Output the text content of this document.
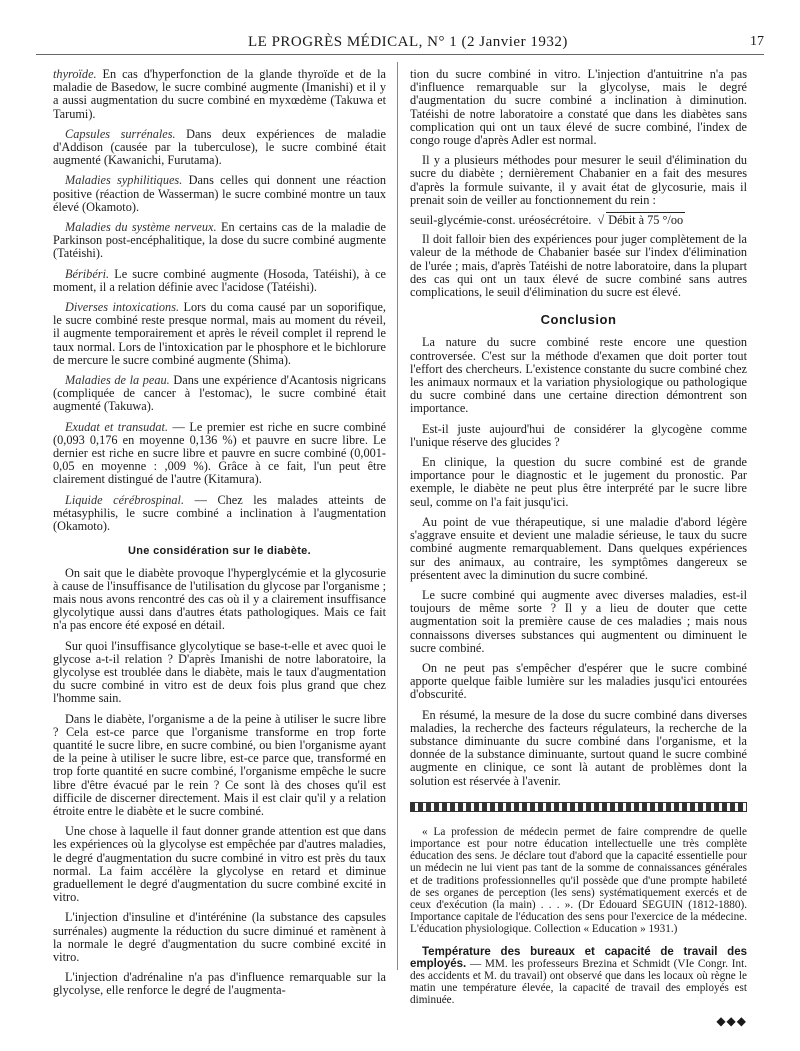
LE PROGRÈS MÉDICAL, N° 1 (2 Janvier 1932)	17

thyroïde. En cas d'hyperfonction de la glande thyroïde et de la maladie de Basedow, le sucre combiné augmente (Imanishi) et il y a aussi augmentation du sucre combiné en myxœdème (Takuwa et Tarumi).

Capsules surrénales. Dans deux expériences de maladie d'Addison (causée par la tuberculose), le sucre combiné était augmenté (Kawanichi, Furutama).

Maladies syphilitiques. Dans celles qui donnent une réaction positive (réaction de Wasserman) le sucre combiné montre un taux élevé (Okamoto).

Maladies du système nerveux. En certains cas de la maladie de Parkinson post-encéphalitique, la dose du sucre combiné augmente (Tatéishi).

Béribéri. Le sucre combiné augmente (Hosoda, Tatéishi), à ce moment, il a relation définie avec l'acidose (Tatéishi).

Diverses intoxications. Lors du coma causé par un soporifique, le sucre combiné reste presque normal, mais au moment du réveil, il augmente temporairement et après le réveil complet il reprend le taux normal. Lors de l'intoxication par le phosphore et le bichlorure de mercure le sucre combiné augmente (Shima).

Maladies de la peau. Dans une expérience d'Acantosis nigricans (compliquée de cancer à l'estomac), le sucre combiné était augmenté (Takuwa).

Exudat et transudat. — Le premier est riche en sucre combiné (0,093 0,176 en moyenne 0,136 %) et pauvre en sucre libre. Le dernier est riche en sucre libre et pauvre en sucre combiné (0,001-0,05 en moyenne : ,009 %). Grâce à ce fait, l'un peut être clairement distingué de l'autre (Kitamura).

Liquide cérébrospinal. — Chez les malades atteints de métasyphilis, le sucre combiné a inclination à l'augmentation (Okamoto).

Une considération sur le diabète.

On sait que le diabète provoque l'hyperglycémie et la glycosurie à cause de l'insuffisance de l'utilisation du glycose par l'organisme ; mais nous avons rencontré des cas où il y a clairement insuffisance glycolytique aussi dans d'autres états pathologiques. Mais ce fait n'a pas encore été exposé en détail.

Sur quoi l'insuffisance glycolytique se base-t-elle et avec quoi le glycose a-t-il relation ? D'après Imanishi de notre laboratoire, la glycolyse est troublée dans le diabète, mais le taux d'augmentation du sucre combiné in vitro est de deux fois plus grand que chez l'homme sain.

Dans le diabète, l'organisme a de la peine à utiliser le sucre libre ? Cela est-ce parce que l'organisme transforme en trop forte quantité le sucre libre, en sucre combiné, ou bien l'organisme ayant de la peine à utiliser le sucre libre, est-ce parce que, transformé en trop forte quantité en sucre combiné, l'organisme empêche le sucre libre d'être évacué par le rein ? Ce sont là des choses qu'il est difficile de discerner directement. Mais il est clair qu'il y a relation étroite entre le diabète et le sucre combiné.

Une chose à laquelle il faut donner grande attention est que dans les expériences où la glycolyse est empêchée par d'autres maladies, le degré d'augmentation du sucre combiné in vitro est près du taux normal. La faim accélère la glycolyse en retard et diminue graduellement le degré d'augmentation du sucre combiné excité in vitro.

L'injection d'insuline et d'intérénine (la substance des capsules surrénales) augmente la réduction du sucre diminué et ramènent à la normale le degré d'augmentation du sucre combiné excité in vitro.

L'injection d'adrénaline n'a pas d'influence remarquable sur la glycolyse, elle renforce le degré de l'augmenta-

tion du sucre combiné in vitro. L'injection d'antuitrine n'a pas d'influence remarquable sur la glycolyse, mais le degré d'augmentation du sucre combiné a inclination à diminution. Tatéishi de notre laboratoire a constaté que dans les diabètes sans complication qui ont un taux élevé de sucre combiné, l'index de congo rouge d'après Adler est normal.

Il y a plusieurs méthodes pour mesurer le seuil d'élimination du sucre du diabète ; dernièrement Chabanier en a fait des mesures d'après la formule suivante, il y avait état de glycosurie, mais il prenait soin de veiller au fonctionnement du rein :

seuil-glycémie-const. uréosécrétoire.  √ Débit à 75 °/oo

Il doit falloir bien des expériences pour juger complètement de la valeur de la méthode de Chabanier basée sur l'index d'élimination de l'urée ; mais, d'après Tatéishi de notre laboratoire, dans la plupart des cas qui ont un taux élevé de sucre combiné sans autres complications, le seuil d'élimination du sucre est élevé.

Conclusion

La nature du sucre combiné reste encore une question controversée. C'est sur la méthode d'examen que doit porter tout l'effort des chercheurs. L'existence constante du sucre combiné chez les animaux normaux et la variation physiologique ou pathologique du sucre combiné dans une certaine direction démontrent son importance.

Est-il juste aujourd'hui de considérer la glycogène comme l'unique réserve des glucides ?

En clinique, la question du sucre combiné est de grande importance pour le diagnostic et le jugement du pronostic. Par exemple, le diabète ne peut plus être interprété par le sucre libre seul, comme on l'a fait jusqu'ici.

Au point de vue thérapeutique, si une maladie d'abord légère s'aggrave ensuite et devient une maladie sérieuse, le taux du sucre combiné augmente remarquablement. Dans quelques expériences sur des animaux, au contraire, les symptômes dangereux se présentent avec la diminution du sucre combiné.

Le sucre combiné qui augmente avec diverses maladies, est-il toujours de même sorte ? Il y a lieu de douter que cette augmentation soit la première cause de ces maladies ; mais nous connaissons diverses substances qui augmentent ou diminuent le sucre combiné.

On ne peut pas s'empêcher d'espérer que le sucre combiné apporte quelque faible lumière sur les maladies jusqu'ici entourées d'obscurité.

En résumé, la mesure de la dose du sucre combiné dans diverses maladies, la recherche des facteurs régulateurs, la recherche de la substance diminuante du sucre combiné dans l'organisme, et la donnée de la substance diminuante, surtout quand le sucre combiné augmente en clinique, ce sont là autant de problèmes dont la solution est réservée à l'avenir.

« La profession de médecin permet de faire comprendre de quelle importance est pour notre éducation intellectuelle une très complète éducation des sens. Je déclare tout d'abord que la capacité essentielle pour un médecin ne lui vient pas tant de la somme de connaissances générales et de traditions professionnelles qu'il possède que d'une prompte habileté de ses organes de perception (les sens) systématiquement exercés et de ceux d'exécution (la main) . . . ». (Dr Edouard SEGUIN (1812-1880). Importance capitale de l'éducation des sens pour l'exercice de la médecine. L'éducation physiologique. Collection « Education » 1931.)

Température des bureaux et capacité de travail des employés. — MM. les professeurs Brezina et Schmidt (VIe Congr. Int. des accidents et M. du travail) ont observé que dans les locaux où règne le matin une température élevée, la capacité de travail des employés est diminuée.

◆◆◆
